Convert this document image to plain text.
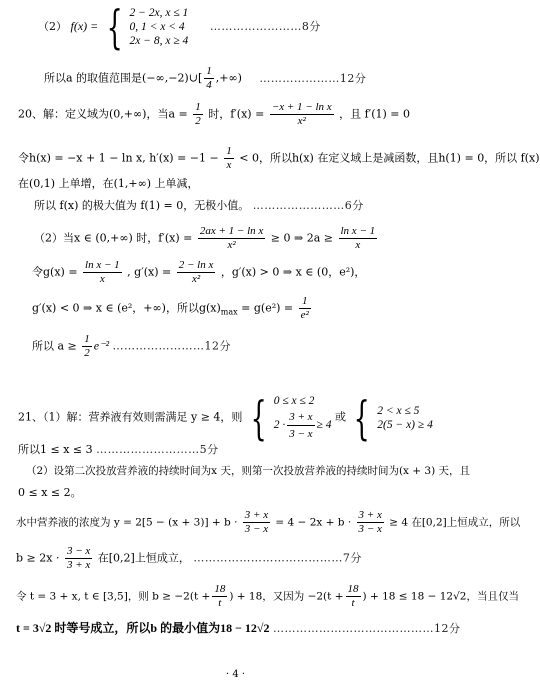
（2） f(x) = { 2 − 2x, x ≤ 1
0, 1 < x < 4
2x − 8, x ≥ 4
……………………8分
所以a 的取值范围是(−∞,−2)∪[ $\frac{1}{4}$ ,+∞) …………………12分
20、解：定义域为(0,+∞)，当$a = \frac{1}{2}$ 时，$f'(x) = \frac{\text{−x + 1 − ln x}}{\text{x²}}$ ，且 f′(1) = 0
令h(x) = −x + 1 − ln x, $h'(x) = -1 - \frac{1}{x} < 0$，所以h(x) 在定义域上是减函数，且h(1) = 0，所以 f(x)
在(0,1) 上单增，在(1,+∞) 上单减，
所以 f(x) 的极大值为 f(1) = 0，无极小值。 ……………………6分
（2）当x ∈ (0,+∞) 时，$f'(x) = \frac{\text{2ax + 1 − ln x}}{\text{x²}} \ge 0$ ⇒ $2a \ge \frac{\text{ln x − 1}}{x}$
令$g(x) = \frac{\text{ln x − 1}}{x}$ , $g'(x) = \frac{\text{2 − ln x}}{\text{x²}}$ ，g′(x) > 0 ⇒ x ∈ (0，e²)，
g′(x) < 0 ⇒ x ∈ (e²，+∞)，所以$g(x)_{max} = g(e^2) = \frac{1}{\text{e²}}$
所以 $a \ge \frac{1}{2} e^{-2}$ ……………………12分
21、（1）解：营养液有效则需满足 y ≥ 4，则 { 0 ≤ x ≤ 2
$2 \cdot \frac{3 + x}{3 - x} \ge 4$
或 { 2 < x ≤ 5
2(5 − x) ≥ 4
所以1 ≤ x ≤ 3 ………………………5分
（2）设第二次投放营养液的持续时间为x 天，则第一次投放营养液的持续时间为(x + 3) 天，且
0 ≤ x ≤ 2。
水中营养液的浓度为 $y = 2[5 - (x + 3)] + b \cdot \frac{3 + x}{3 - x} = 4 - 2x + b \cdot \frac{3 + x}{3 - x} \ge 4$ 在[0,2]上恒成立，所以
$b \ge 2x \cdot \frac{3 - x}{3 + x}$ 在[0,2]上恒成立， …………………………………7分
令 t = 3 + x, t ∈ [3,5]，则 $b \ge -2(t + \frac{18}{t}$ ) + 18，又因为 $-2(t + \frac{18}{t}$ ) + 18 ≤ 18 − 12√2，当且仅当
t = 3√2 时等号成立，所以b 的最小值为18 − 12√2 ……………………………………12分
· 4 ·
